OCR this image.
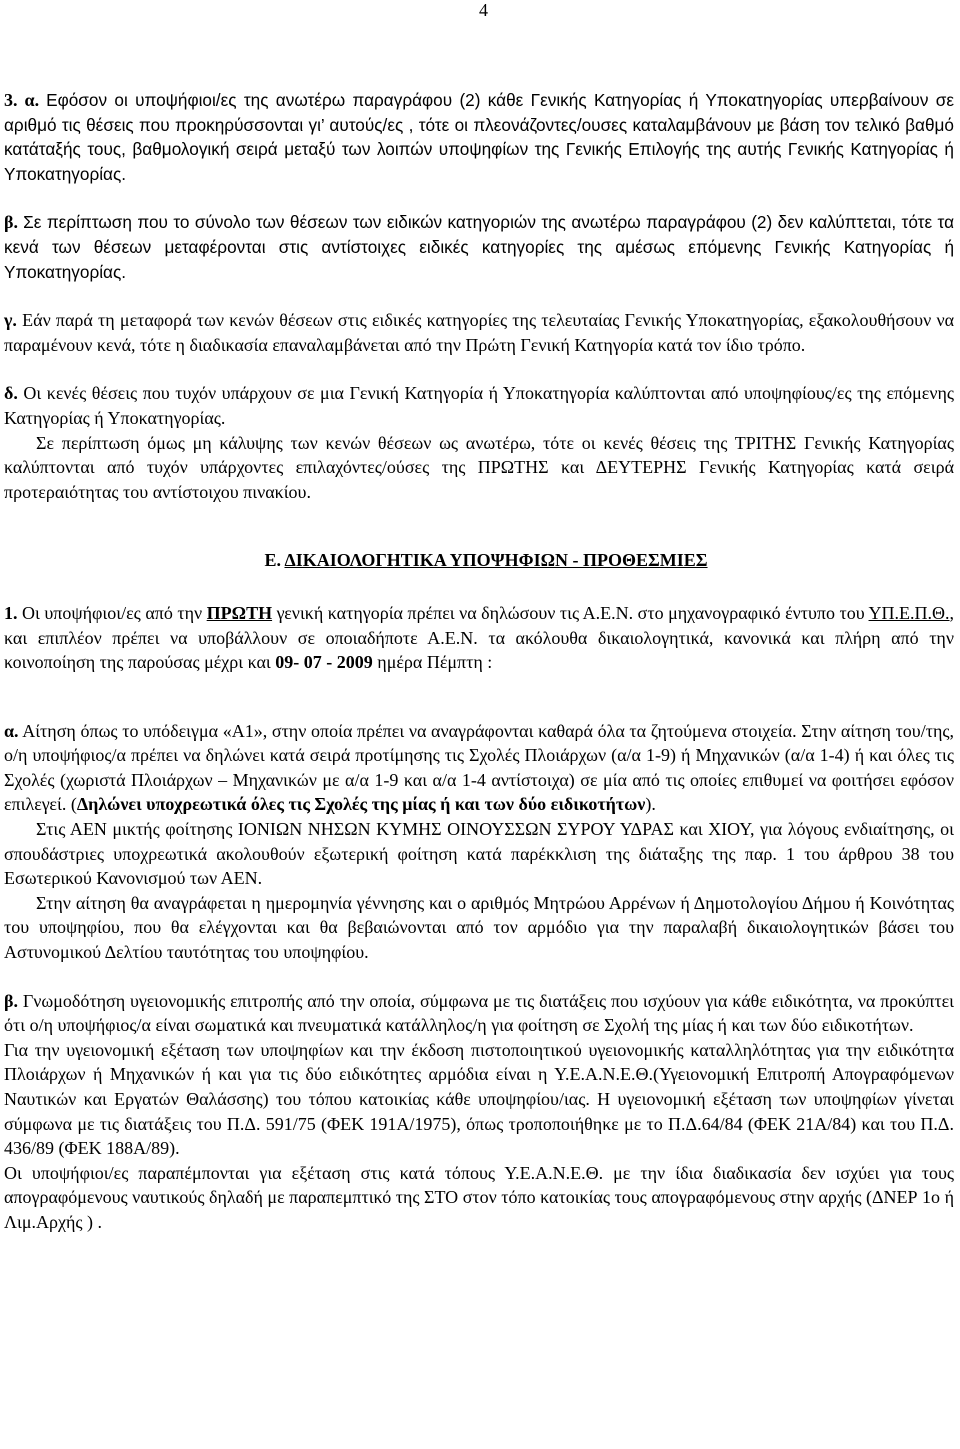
4

3. α. Εφόσον οι υποψήφιοι/ες της ανωτέρω παραγράφου (2) κάθε Γενικής Κατηγορίας ή Υποκατηγορίας υπερβαίνουν σε αριθμό τις θέσεις που προκηρύσσονται γι’ αυτούς/ες , τότε οι πλεονάζοντες/ουσες καταλαμβάνουν με βάση τον τελικό βαθμό κατάταξής τους, βαθμολογική σειρά μεταξύ των λοιπών υποψηφίων της Γενικής Επιλογής της αυτής Γενικής Κατηγορίας ή Υποκατηγορίας.

β. Σε περίπτωση που το σύνολο των θέσεων των ειδικών κατηγοριών της ανωτέρω παραγράφου (2) δεν καλύπτεται, τότε τα κενά των θέσεων μεταφέρονται στις αντίστοιχες ειδικές κατηγορίες της αμέσως επόμενης Γενικής Κατηγορίας ή Υποκατηγορίας.

γ. Εάν παρά τη μεταφορά των κενών θέσεων στις ειδικές κατηγορίες της τελευταίας Γενικής Υποκατηγορίας, εξακολουθήσουν να παραμένουν κενά, τότε η διαδικασία επαναλαμβάνεται από την Πρώτη Γενική Κατηγορία κατά τον ίδιο τρόπο.

δ. Οι κενές θέσεις που τυχόν υπάρχουν σε μια Γενική Κατηγορία ή Υποκατηγορία καλύπτονται από υποψηφίους/ες της επόμενης Κατηγορίας ή Υποκατηγορίας.

Σε περίπτωση όμως μη κάλυψης των κενών θέσεων ως ανωτέρω, τότε οι κενές θέσεις της ΤΡΙΤΗΣ Γενικής Κατηγορίας καλύπτονται από τυχόν υπάρχοντες επιλαχόντες/ούσες της ΠΡΩΤΗΣ και ΔΕΥΤΕΡΗΣ Γενικής Κατηγορίας κατά σειρά προτεραιότητας του αντίστοιχου πινακίου.

Ε. ΔΙΚΑΙΟΛΟΓΗΤΙΚΑ ΥΠΟΨΗΦΙΩΝ - ΠΡΟΘΕΣΜΙΕΣ

1. Οι υποψήφιοι/ες από την ΠΡΩΤΗ γενική κατηγορία πρέπει να δηλώσουν τις Α.Ε.Ν. στο μηχανογραφικό έντυπο του ΥΠ.Ε.Π.Θ., και επιπλέον πρέπει να υποβάλλουν σε οποιαδήποτε Α.Ε.Ν. τα ακόλουθα δικαιολογητικά, κανονικά και πλήρη από την κοινοποίηση της παρούσας μέχρι και 09- 07 - 2009 ημέρα Πέμπτη :

α. Αίτηση όπως το υπόδειγμα «Α1», στην οποία πρέπει να αναγράφονται καθαρά όλα τα ζητούμενα στοιχεία. Στην αίτηση του/της, ο/η υποψήφιος/α πρέπει να δηλώνει κατά σειρά προτίμησης τις Σχολές Πλοιάρχων (α/α 1-9) ή Μηχανικών (α/α 1-4) ή και όλες τις Σχολές (χωριστά Πλοιάρχων – Μηχανικών με α/α 1-9 και α/α 1-4 αντίστοιχα) σε μία από τις οποίες επιθυμεί να φοιτήσει εφόσον επιλεγεί. (Δηλώνει υποχρεωτικά όλες τις Σχολές της μίας ή και των δύο ειδικοτήτων).

Στις ΑΕΝ μικτής φοίτησης ΙΟΝΙΩΝ ΝΗΣΩΝ ΚΥΜΗΣ ΟΙΝΟΥΣΣΩΝ ΣΥΡΟΥ ΥΔΡΑΣ και ΧΙΟΥ, για λόγους ενδιαίτησης, οι σπουδάστριες υποχρεωτικά ακολουθούν εξωτερική φοίτηση κατά παρέκκλιση της διάταξης της παρ. 1 του άρθρου 38 του Εσωτερικού Κανονισμού των ΑΕΝ.

Στην αίτηση θα αναγράφεται η ημερομηνία γέννησης και ο αριθμός Μητρώου Αρρένων ή Δημοτολογίου Δήμου ή Κοινότητας του υποψηφίου, που θα ελέγχονται και θα βεβαιώνονται από τον αρμόδιο για την παραλαβή δικαιολογητικών βάσει του Αστυνομικού Δελτίου ταυτότητας του υποψηφίου.

β. Γνωμοδότηση υγειονομικής επιτροπής από την οποία, σύμφωνα με τις διατάξεις που ισχύουν για κάθε ειδικότητα, να προκύπτει ότι ο/η υποψήφιος/α είναι σωματικά και πνευματικά κατάλληλος/η για φοίτηση σε Σχολή της μίας ή και των δύο ειδικοτήτων.

Για την υγειονομική εξέταση των υποψηφίων και την έκδοση πιστοποιητικού υγειονομικής καταλληλότητας για την ειδικότητα Πλοιάρχων ή Μηχανικών ή και για τις δύο ειδικότητες αρμόδια είναι η Υ.Ε.Α.Ν.Ε.Θ.(Υγειονομική Επιτροπή Απογραφόμενων Ναυτικών και Εργατών Θαλάσσης) του τόπου κατοικίας κάθε υποψηφίου/ιας. Η υγειονομική εξέταση των υποψηφίων γίνεται σύμφωνα με τις διατάξεις του Π.Δ. 591/75 (ΦΕΚ 191Α/1975), όπως τροποποιήθηκε με το Π.Δ.64/84 (ΦΕΚ 21Α/84) και του Π.Δ. 436/89 (ΦΕΚ 188Α/89).

Οι υποψήφιοι/ες παραπέμπονται για εξέταση στις κατά τόπους Υ.Ε.Α.Ν.Ε.Θ. με την ίδια διαδικασία δεν ισχύει για τους απογραφόμενους ναυτικούς δηλαδή με παραπεμπτικό της ΣΤΟ στον τόπο κατοικίας τους απογραφόμενους στην αρχής (ΔΝΕΡ 1ο ή Λιμ.Αρχής ) .
